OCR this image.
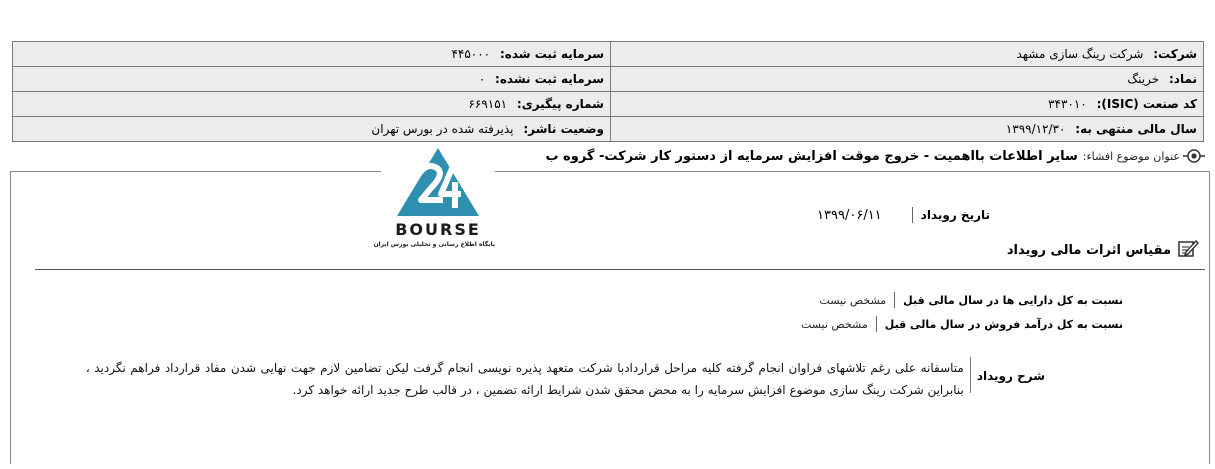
شرکت: شرکت رینگ سازی مشهد	سرمایه ثبت شده: ۴۴۵۰۰۰
نماد: خرینگ	سرمایه ثبت نشده: ۰
کد صنعت (ISIC): ۳۴۳۰۱۰	شماره پیگیری: ۶۶۹۱۵۱
سال مالی منتهی به: ۱۳۹۹/۱۲/۳۰	وضعیت ناشر: پذیرفته شده در بورس تهران
عنوان موضوع افشاء:
سایر اطلاعات بااهمیت - خروج موقت افزایش سرمایه از دستور کار شرکت- گروه ب
BOURSE
پایگاه اطلاع رسانی و تحلیلی بورس ایران
تاریخ رویداد
۱۳۹۹/۰۶/۱۱
مقیاس اثرات مالی رویداد
نسبت به کل دارایی ها در سال مالی قبل
مشخص نیست
نسبت به کل درآمد فروش در سال مالی قبل
مشخص نیست
شرح رویداد
متاسفانه علی رغم تلاشهای فراوان انجام گرفته کلیه مراحل قراردادبا شرکت متعهد پذیره نویسی انجام گرفت لیکن تضامین لازم جهت نهایی شدن مفاد قرارداد فراهم نگردید ، بنابراین شرکت رینگ سازی موضوع افزایش سرمایه را به محض محقق شدن شرایط ارائه تضمین ، در قالب طرح جدید ارائه خواهد کرد.
